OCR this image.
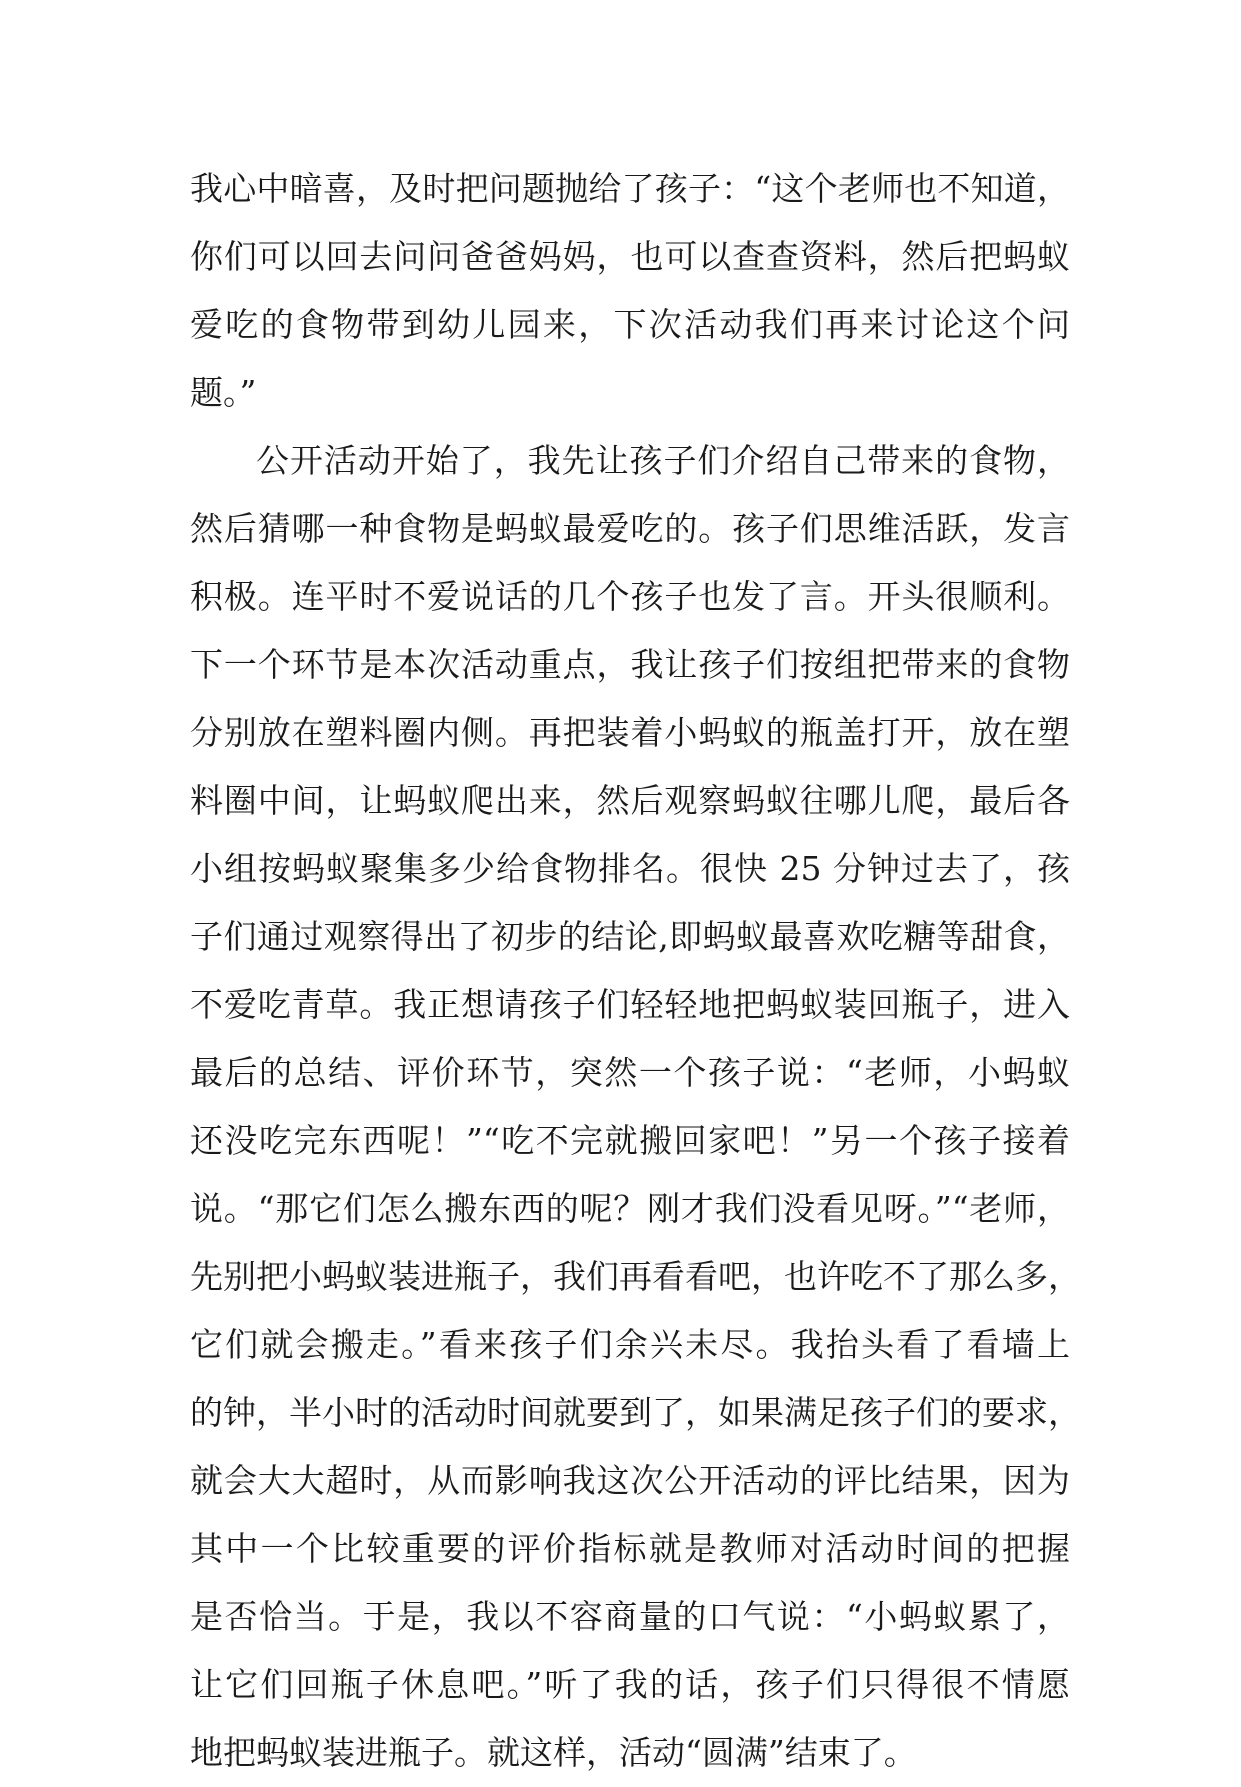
我心中暗喜，及时把问题抛给了孩子：“这个老师也不知道，
你们可以回去问问爸爸妈妈，也可以查查资料，然后把蚂蚁
爱吃的食物带到幼儿园来，下次活动我们再来讨论这个问
题。”
公开活动开始了，我先让孩子们介绍自己带来的食物，
然后猜哪一种食物是蚂蚁最爱吃的。孩子们思维活跃，发言
积极。连平时不爱说话的几个孩子也发了言。开头很顺利。
下一个环节是本次活动重点，我让孩子们按组把带来的食物
分别放在塑料圈内侧。再把装着小蚂蚁的瓶盖打开，放在塑
料圈中间，让蚂蚁爬出来，然后观察蚂蚁往哪儿爬，最后各
小组按蚂蚁聚集多少给食物排名。很快 25 分钟过去了，孩
子们通过观察得出了初步的结论,即蚂蚁最喜欢吃糖等甜食，
不爱吃青草。我正想请孩子们轻轻地把蚂蚁装回瓶子，进入
最后的总结、评价环节，突然一个孩子说：“老师，小蚂蚁
还没吃完东西呢！”“吃不完就搬回家吧！”另一个孩子接着
说。“那它们怎么搬东西的呢？刚才我们没看见呀。”“老师，
先别把小蚂蚁装进瓶子，我们再看看吧，也许吃不了那么多，
它们就会搬走。”看来孩子们余兴未尽。我抬头看了看墙上
的钟，半小时的活动时间就要到了，如果满足孩子们的要求，
就会大大超时，从而影响我这次公开活动的评比结果，因为
其中一个比较重要的评价指标就是教师对活动时间的把握
是否恰当。于是，我以不容商量的口气说：“小蚂蚁累了，
让它们回瓶子休息吧。”听了我的话，孩子们只得很不情愿
地把蚂蚁装进瓶子。就这样，活动“圆满”结束了。
